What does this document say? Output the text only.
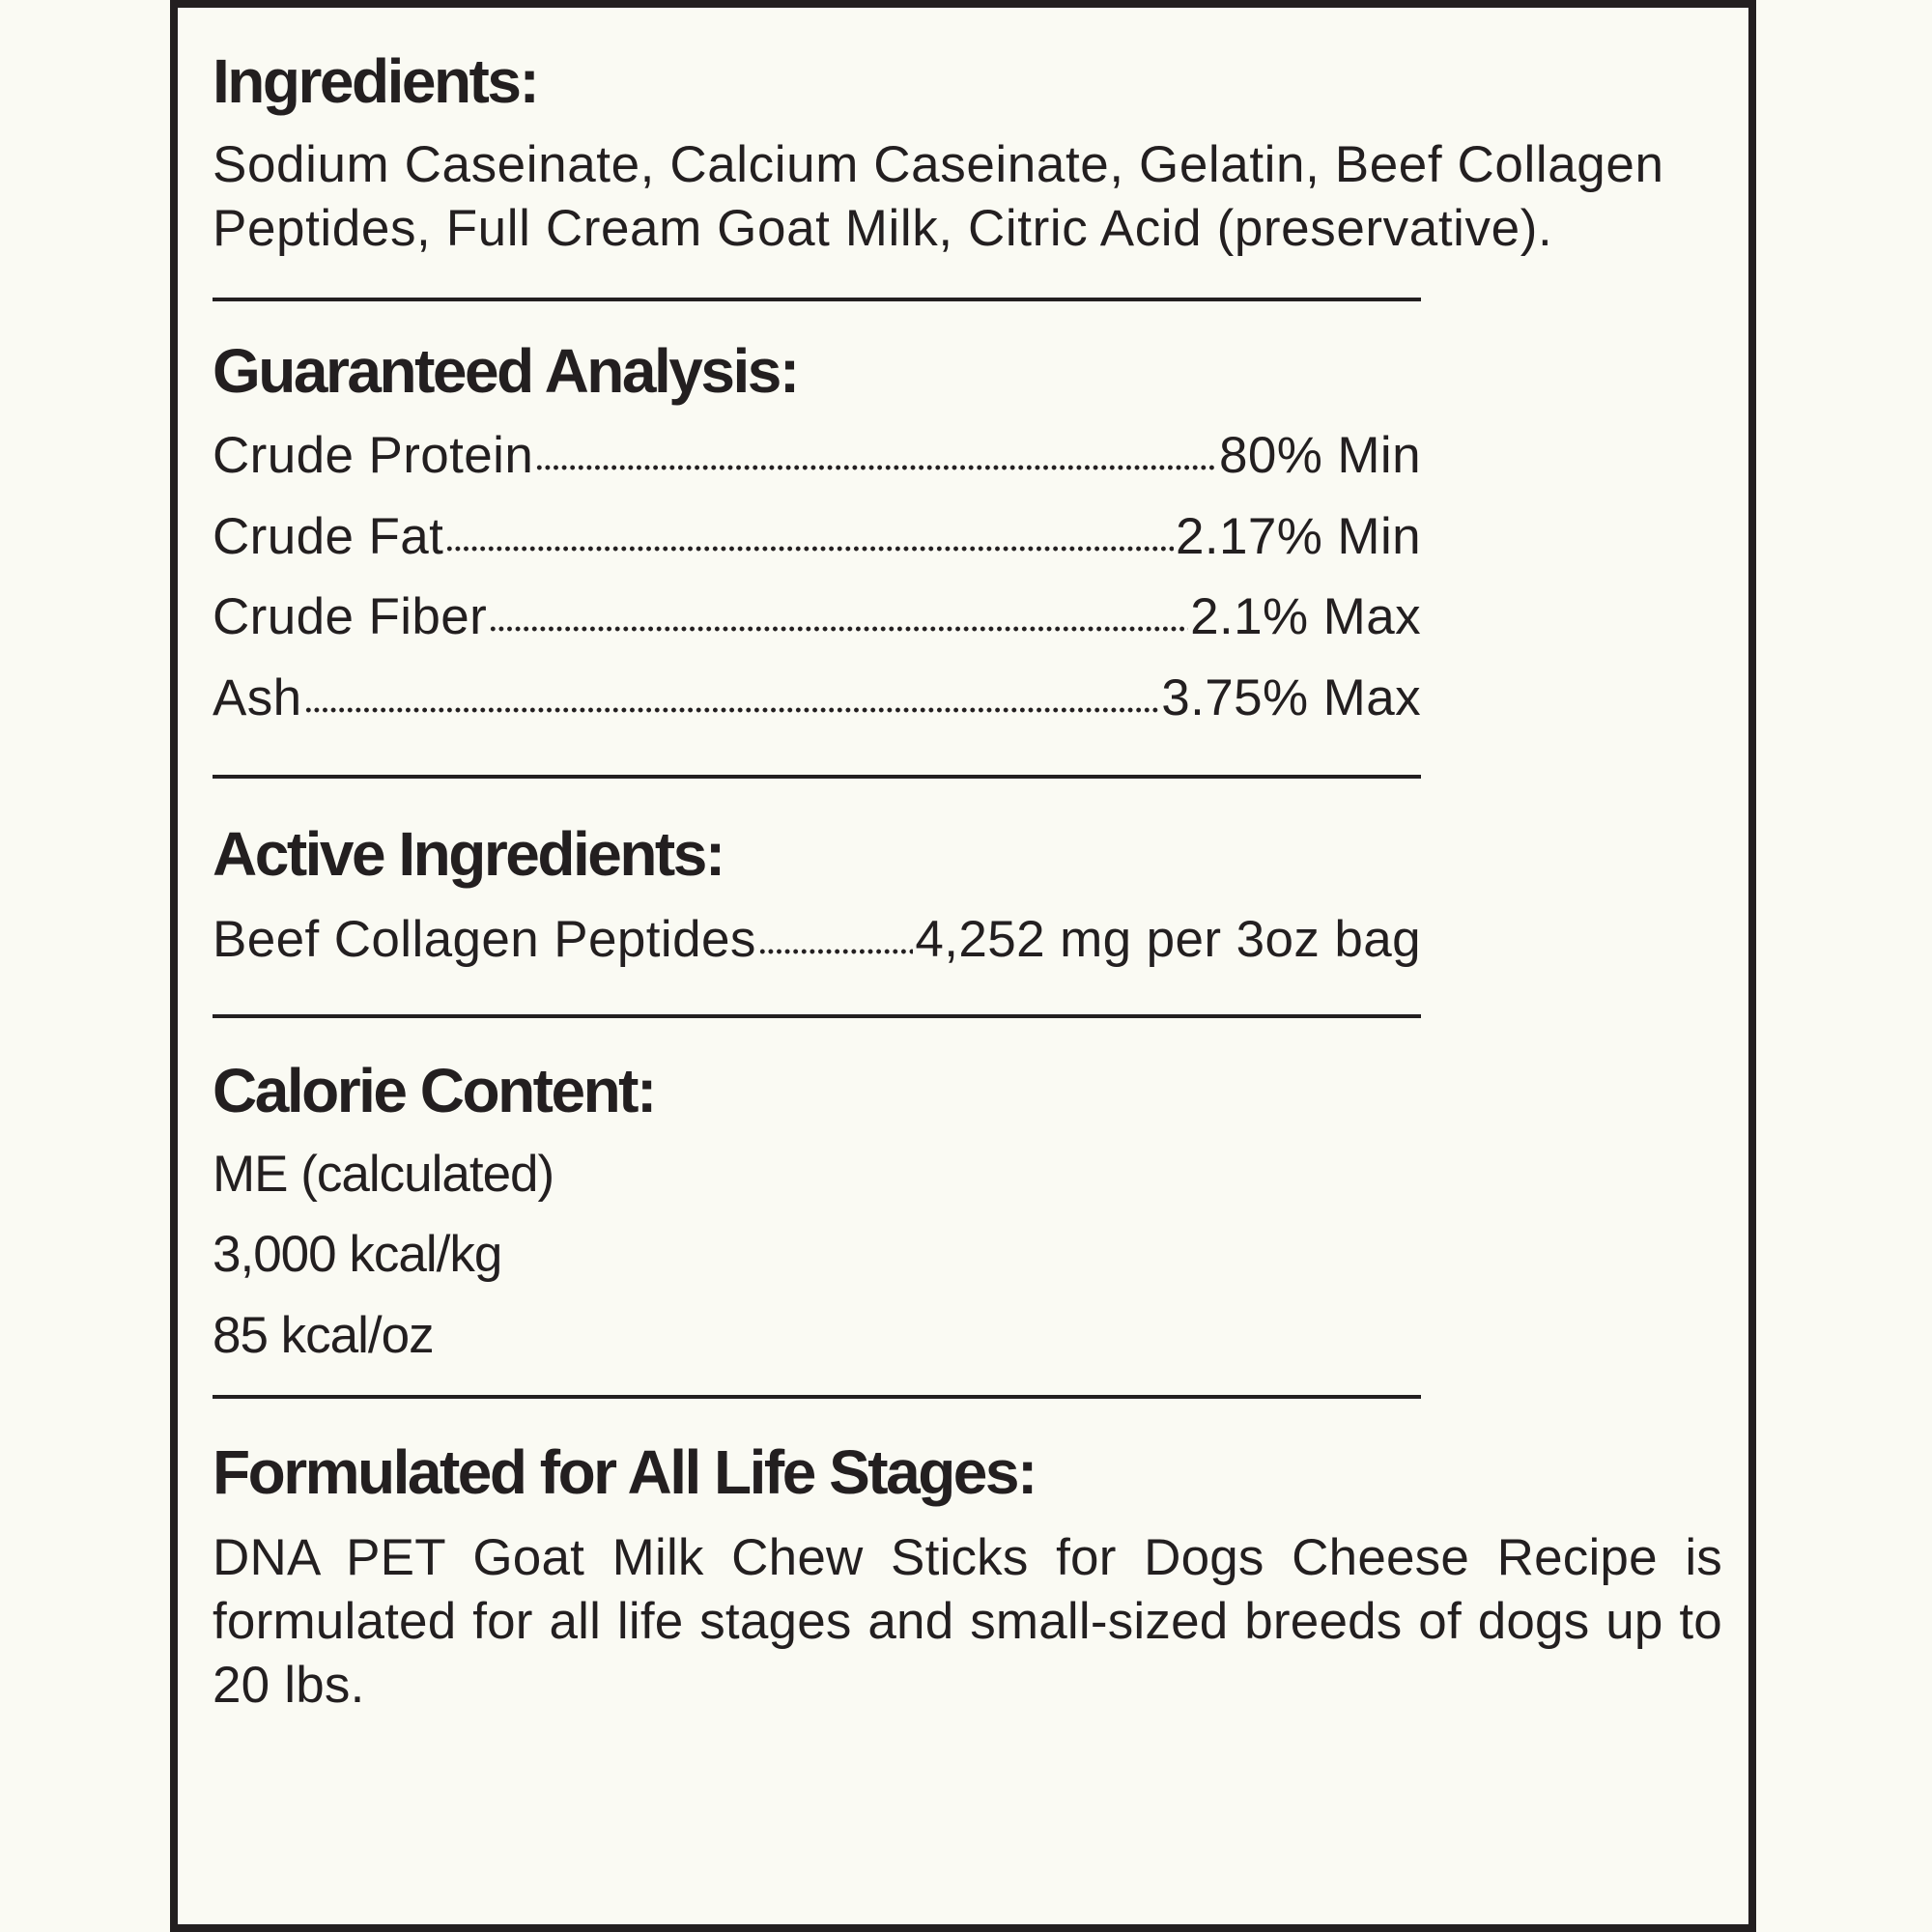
Ingredients:

Sodium Caseinate, Calcium Caseinate, Gelatin, Beef Collagen Peptides, Full Cream Goat Milk, Citric Acid (preservative).

Guaranteed Analysis:
Crude Protein	80% Min
Crude Fat	2.17% Min
Crude Fiber	2.1% Max
Ash	3.75% Max
Active Ingredients:
Beef Collagen Peptides	4,252 mg per 3oz bag
Calorie Content:
ME (calculated)
3,000 kcal/kg
85 kcal/oz
Formulated for All Life Stages:

DNA PET Goat Milk Chew Sticks for Dogs Cheese Recipe is formulated for all life stages and small-sized breeds of dogs up to 20 lbs.
